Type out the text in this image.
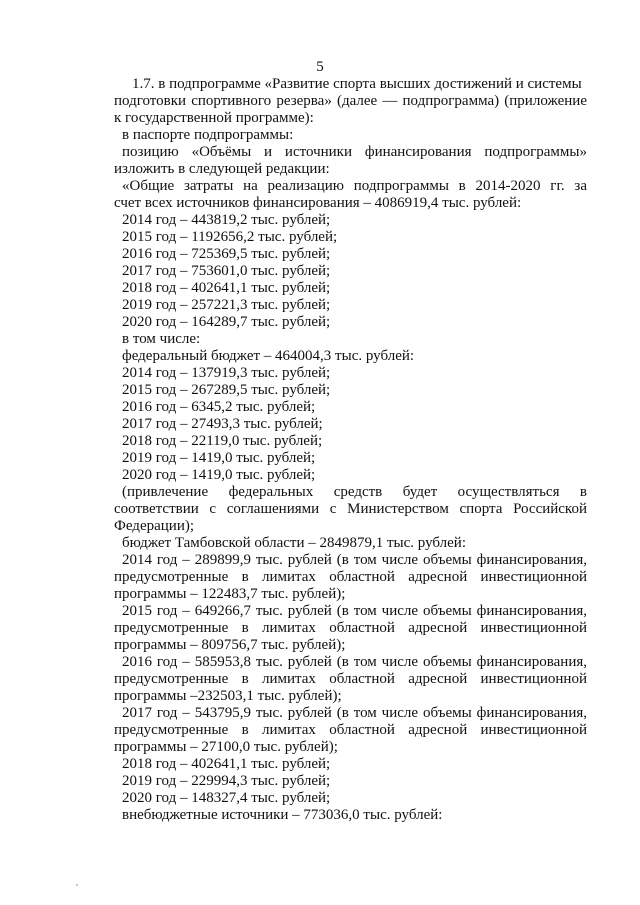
5
1.7. в подпрограмме «Развитие спорта высших достижений и системы
подготовки спортивного резерва» (далее — подпрограмма) (приложение
к государственной программе):
в паспорте подпрограммы:
позицию «Объёмы и источники финансирования подпрограммы»
изложить в следующей редакции:
«Общие затраты на реализацию подпрограммы в 2014-2020 гг. за
счет всех источников финансирования – 4086919,4 тыс. рублей:
2014 год – 443819,2 тыс. рублей;
2015 год – 1192656,2 тыс. рублей;
2016 год – 725369,5 тыс. рублей;
2017 год – 753601,0 тыс. рублей;
2018 год – 402641,1 тыс. рублей;
2019 год – 257221,3 тыс. рублей;
2020 год – 164289,7 тыс. рублей;
в том числе:
федеральный бюджет – 464004,3 тыс. рублей:
2014 год – 137919,3 тыс. рублей;
2015 год – 267289,5 тыс. рублей;
2016 год – 6345,2 тыс. рублей;
2017 год – 27493,3 тыс. рублей;
2018 год – 22119,0 тыс. рублей;
2019 год – 1419,0 тыс. рублей;
2020 год – 1419,0 тыс. рублей;
(привлечение федеральных средств будет осуществляться в
соответствии с соглашениями с Министерством спорта Российской
Федерации);
бюджет Тамбовской области – 2849879,1 тыс. рублей:
2014 год – 289899,9 тыс. рублей (в том числе объемы финансирования,
предусмотренные в лимитах областной адресной инвестиционной
программы – 122483,7 тыс. рублей);
2015 год – 649266,7 тыс. рублей (в том числе объемы финансирования,
предусмотренные в лимитах областной адресной инвестиционной
программы – 809756,7 тыс. рублей);
2016 год – 585953,8 тыс. рублей (в том числе объемы финансирования,
предусмотренные в лимитах областной адресной инвестиционной
программы –232503,1 тыс. рублей);
2017 год – 543795,9 тыс. рублей (в том числе объемы финансирования,
предусмотренные в лимитах областной адресной инвестиционной
программы – 27100,0 тыс. рублей);
2018 год – 402641,1 тыс. рублей;
2019 год – 229994,3 тыс. рублей;
2020 год – 148327,4 тыс. рублей;
внебюджетные источники – 773036,0 тыс. рублей:
